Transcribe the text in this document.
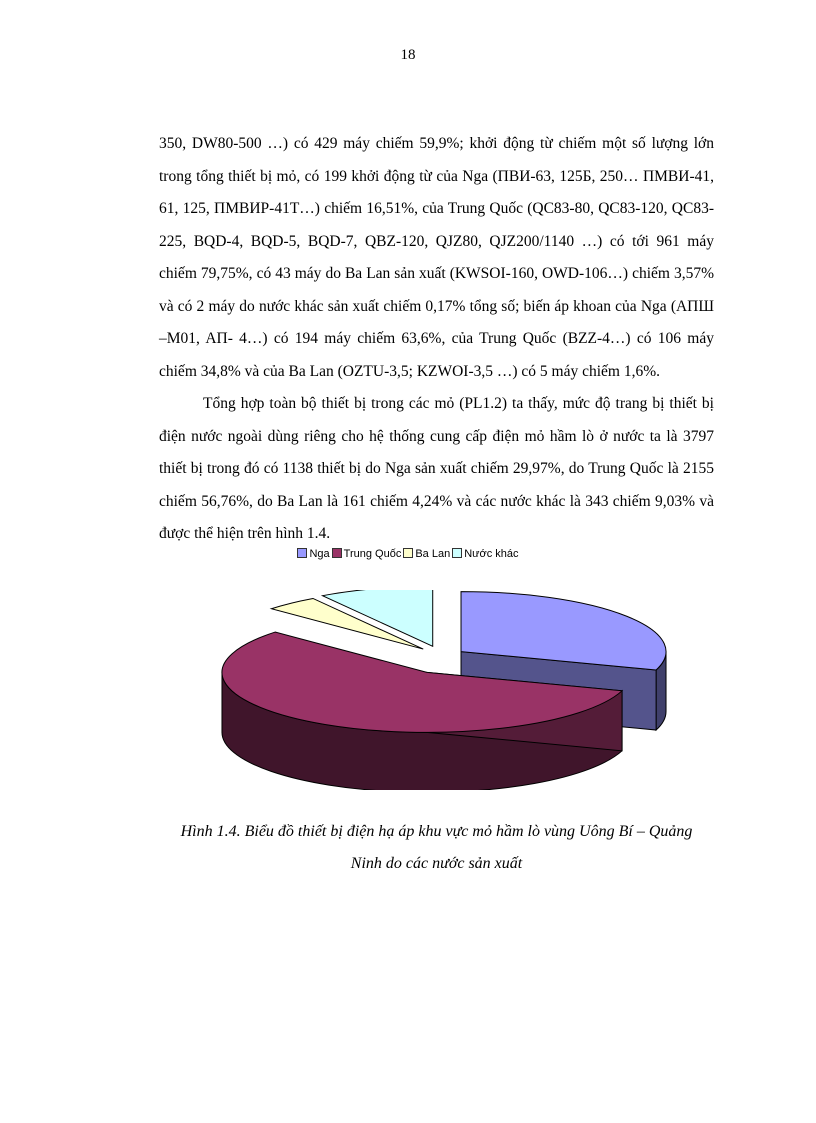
18

350, DW80-500 …) có 429 máy chiếm 59,9%; khởi động từ chiếm một số lượng lớn trong tổng thiết bị mỏ, có 199 khởi động từ của Nga (ПВИ-63, 125Б, 250… ПМВИ-41, 61, 125, ПМВИР-41T…) chiếm 16,51%, của Trung Quốc (QC83-80, QC83-120, QC83-225, BQD-4, BQD-5, BQD-7, QBZ-120, QJZ80, QJZ200/1140 …) có tới 961 máy chiếm 79,75%, có 43 máy do Ba Lan sản xuất (KWSOI-160, OWD-106…) chiếm 3,57% và có 2 máy do nước khác sản xuất chiếm 0,17% tổng số; biến áp khoan của Nga (AПШ –M01, AП- 4…) có 194 máy chiếm 63,6%, của Trung Quốc (BZZ-4…) có 106 máy chiếm 34,8% và của Ba Lan (OZTU-3,5; KZWOI-3,5 …) có 5 máy chiếm 1,6%.

Tổng hợp toàn bộ thiết bị trong các mỏ (PL1.2) ta thấy, mức độ trang bị thiết bị điện nước ngoài dùng riêng cho hệ thống cung cấp điện mỏ hầm lò ở nước ta là 3797 thiết bị trong đó có 1138 thiết bị do Nga sản xuất chiếm 29,97%, do Trung Quốc là 2155 chiếm 56,76%, do Ba Lan là 161 chiếm 4,24% và các nước khác là 343 chiếm 9,03% và được thể hiện trên hình 1.4.

Nga Trung Quốc Ba Lan Nước khác
Hình 1.4. Biểu đồ thiết bị điện hạ áp khu vực mỏ hầm lò vùng Uông Bí – Quảng
Ninh do các nước sản xuất
